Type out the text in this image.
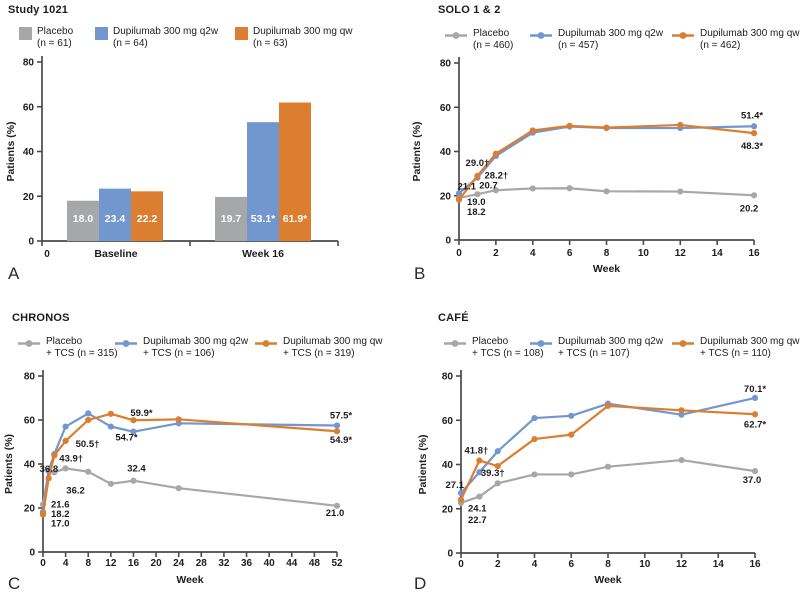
Study 1021
Placebo
(n = 61)
Dupilumab 300 mg q2w
(n = 64)
Dupilumab 300 mg qw
(n = 63)
0
20
40
60
80
Patients (%)
0	Baseline	Week 16
18.0	19.7
23.4	53.1*
22.2	61.9*
A
SOLO 1 & 2
Placebo
(n = 460)
Dupilumab 300 mg q2w
(n = 457)
Dupilumab 300 mg qw
(n = 462)
0
20
40
60
80
Patients (%)
0	2	4	6	8	10	12	14	16
Week
21.1
19.0
18.2
29.0†
28.2†
20.7
51.4*
48.3*
20.2
B
CHRONOS
Placebo
+ TCS (n = 315)
Dupilumab 300 mg q2w
+ TCS (n = 106)
Dupilumab 300 mg qw
+ TCS (n = 319)
0
20
40
60
80
Patients (%)
0 4 8 12 16 20 24 28 32 36 40 44 48 52
Week
21.6
18.2
17.0
36.8
36.2
43.9†
50.5†
59.9*
54.7*
32.4
57.5*
54.9*
21.0
C
CAFÉ
Placebo
+ TCS (n = 108)
Dupilumab 300 mg q2w
+ TCS (n = 107)
Dupilumab 300 mg qw
+ TCS (n = 110)
0
20
40
60
80
Patients (%)
0	2	4	6	8	10	12	14	16
Week
27.1
24.1
22.7
41.8†
39.3†
70.1*
62.7*
37.0
D
